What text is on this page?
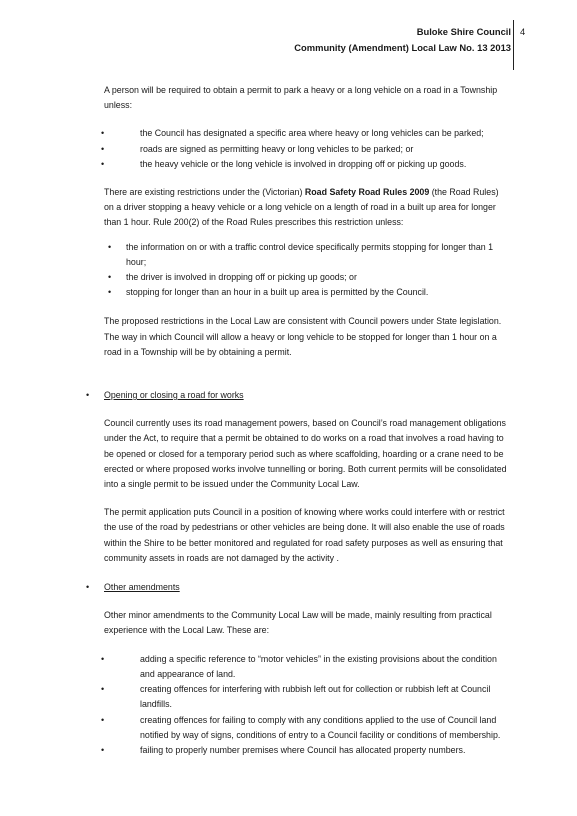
Buloke Shire Council
Community (Amendment) Local Law No. 13 2013
4

A person will be required to obtain a permit to park a heavy or a long vehicle on a road in a Township unless:

•	the Council has designated a specific area where heavy or long vehicles can be parked;
•	roads are signed as permitting heavy or long vehicles to be parked; or
•	the heavy vehicle or the long vehicle is involved in dropping off or picking up goods.

There are existing restrictions under the (Victorian) Road Safety Road Rules 2009 (the Road Rules) on a driver stopping a heavy vehicle or a long vehicle on a length of road in a built up area for longer than 1 hour. Rule 200(2) of the Road Rules prescribes this restriction unless:

• the information on or with a traffic control device specifically permits stopping for longer than 1 hour;
• the driver is involved in dropping off or picking up goods; or
• stopping for longer than an hour in a built up area is permitted by the Council.

The proposed restrictions in the Local Law are consistent with Council powers under State legislation. The way in which Council will allow a heavy or long vehicle to be stopped for longer than 1 hour on a road in a Township will be by obtaining a permit.

• Opening or closing a road for works

Council currently uses its road management powers, based on Council’s road management obligations under the Act, to require that a permit be obtained to do works on a road that involves a road having to be opened or closed for a temporary period such as where scaffolding, hoarding or a crane need to be erected or where proposed works involve tunnelling or boring. Both current permits will be consolidated into a single permit to be issued under the Community Local Law.

The permit application puts Council in a position of knowing where works could interfere with or restrict the use of the road by pedestrians or other vehicles are being done. It will also enable the use of roads within the Shire to be better monitored and regulated for road safety purposes as well as ensuring that community assets in roads are not damaged by the activity .

• Other amendments

Other minor amendments to the Community Local Law will be made, mainly resulting from practical experience with the Local Law. These are:

•	adding a specific reference to “motor vehicles” in the existing provisions about the condition and appearance of land.
•	creating offences for interfering with rubbish left out for collection or rubbish left at Council landfills.
•	creating offences for failing to comply with any conditions applied to the use of Council land notified by way of signs, conditions of entry to a Council facility or conditions of membership.
•	failing to properly number premises where Council has allocated property numbers.
